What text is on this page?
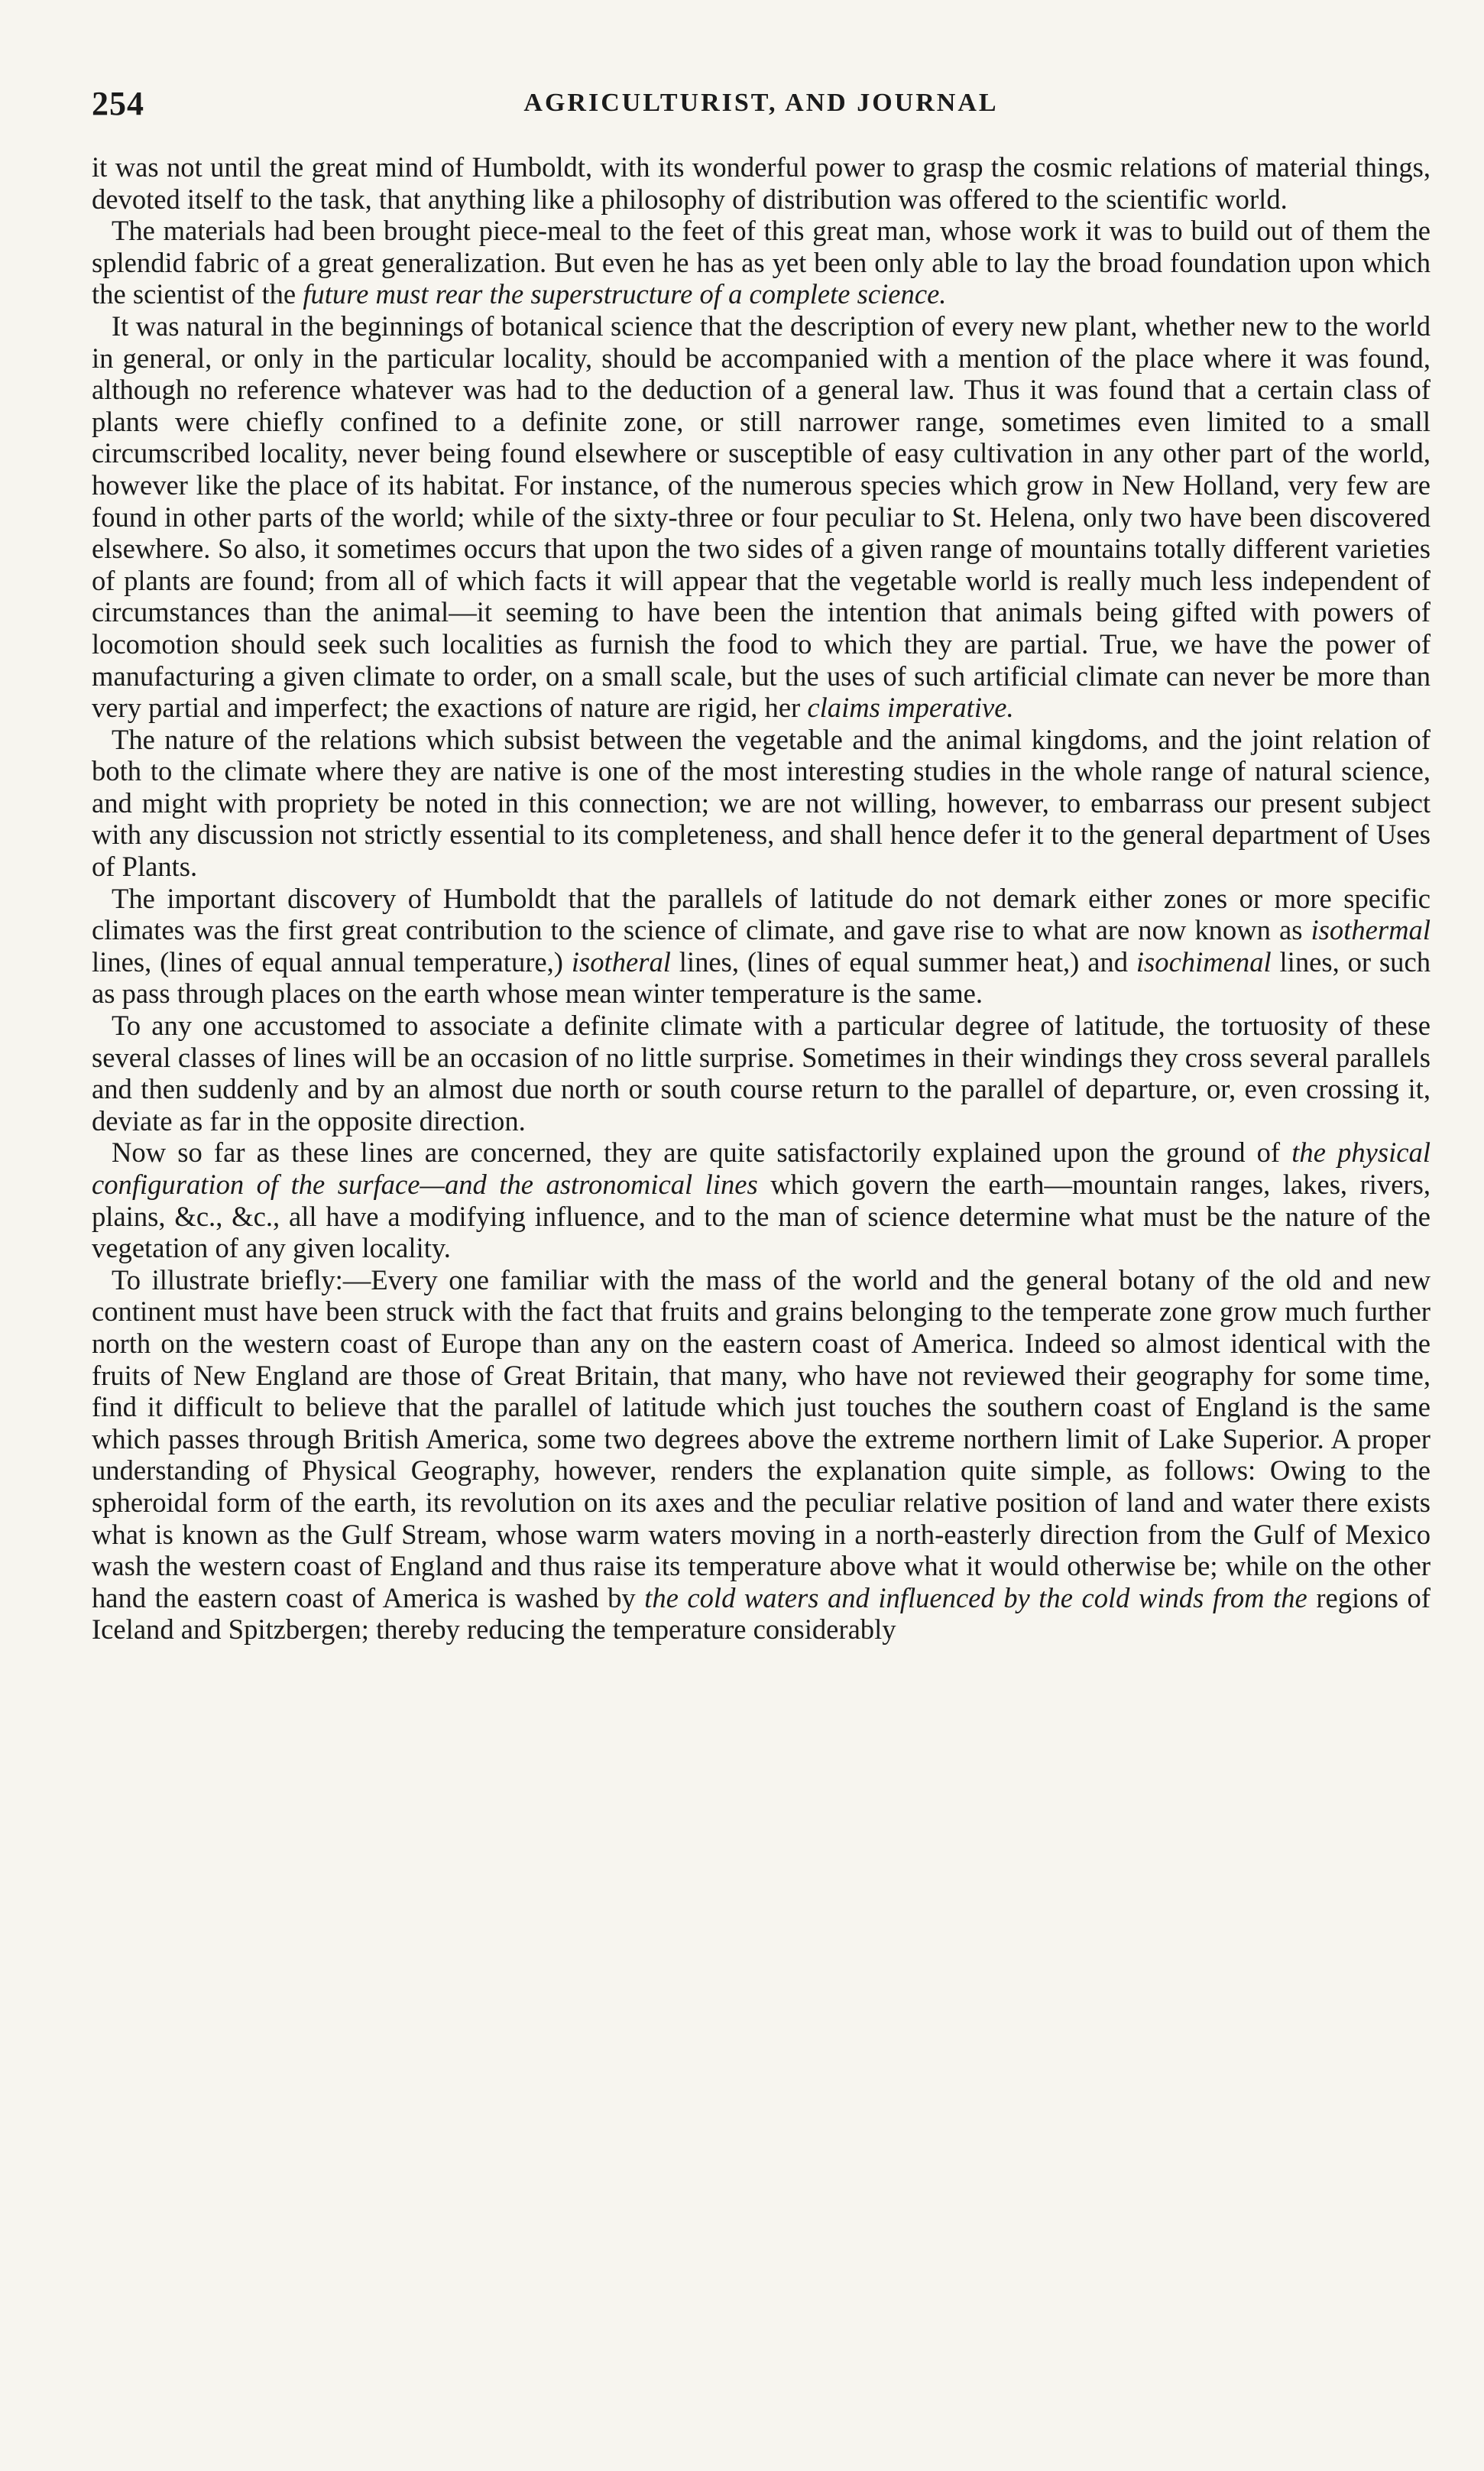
254	AGRICULTURIST, AND JOURNAL

it was not until the great mind of Humboldt, with its wonderful power to grasp the cosmic relations of material things, devoted itself to the task, that anything like a philosophy of distribution was offered to the scientific world.

The materials had been brought piece-meal to the feet of this great man, whose work it was to build out of them the splendid fabric of a great generalization. But even he has as yet been only able to lay the broad foundation upon which the scientist of the future must rear the superstructure of a complete science.

It was natural in the beginnings of botanical science that the description of every new plant, whether new to the world in general, or only in the particular locality, should be accompanied with a mention of the place where it was found, although no reference whatever was had to the deduction of a general law. Thus it was found that a certain class of plants were chiefly confined to a definite zone, or still narrower range, sometimes even limited to a small circumscribed locality, never being found elsewhere or susceptible of easy cultivation in any other part of the world, however like the place of its habitat. For instance, of the numerous species which grow in New Holland, very few are found in other parts of the world; while of the sixty-three or four peculiar to St. Helena, only two have been discovered elsewhere. So also, it sometimes occurs that upon the two sides of a given range of mountains totally different varieties of plants are found; from all of which facts it will appear that the vegetable world is really much less independent of circumstances than the animal—it seeming to have been the intention that animals being gifted with powers of locomotion should seek such localities as furnish the food to which they are partial. True, we have the power of manufacturing a given climate to order, on a small scale, but the uses of such artificial climate can never be more than very partial and imperfect; the exactions of nature are rigid, her claims imperative.

The nature of the relations which subsist between the vegetable and the animal kingdoms, and the joint relation of both to the climate where they are native is one of the most interesting studies in the whole range of natural science, and might with propriety be noted in this connection; we are not willing, however, to embarrass our present subject with any discussion not strictly essential to its completeness, and shall hence defer it to the general department of Uses of Plants.

The important discovery of Humboldt that the parallels of latitude do not demark either zones or more specific climates was the first great contribution to the science of climate, and gave rise to what are now known as isothermal lines, (lines of equal annual temperature,) isotheral lines, (lines of equal summer heat,) and isochimenal lines, or such as pass through places on the earth whose mean winter temperature is the same.

To any one accustomed to associate a definite climate with a particular degree of latitude, the tortuosity of these several classes of lines will be an occasion of no little surprise. Sometimes in their windings they cross several parallels and then suddenly and by an almost due north or south course return to the parallel of departure, or, even crossing it, deviate as far in the opposite direction.

Now so far as these lines are concerned, they are quite satisfactorily explained upon the ground of the physical configuration of the surface—and the astronomical lines which govern the earth—mountain ranges, lakes, rivers, plains, &c., &c., all have a modifying influence, and to the man of science determine what must be the nature of the vegetation of any given locality.

To illustrate briefly:—Every one familiar with the mass of the world and the general botany of the old and new continent must have been struck with the fact that fruits and grains belonging to the temperate zone grow much further north on the western coast of Europe than any on the eastern coast of America. Indeed so almost identical with the fruits of New England are those of Great Britain, that many, who have not reviewed their geography for some time, find it difficult to believe that the parallel of latitude which just touches the southern coast of England is the same which passes through British America, some two degrees above the extreme northern limit of Lake Superior. A proper understanding of Physical Geography, however, renders the explanation quite simple, as follows: Owing to the spheroidal form of the earth, its revolution on its axes and the peculiar relative position of land and water there exists what is known as the Gulf Stream, whose warm waters moving in a north-easterly direction from the Gulf of Mexico wash the western coast of England and thus raise its temperature above what it would otherwise be; while on the other hand the eastern coast of America is washed by the cold waters and influenced by the cold winds from the regions of Iceland and Spitzbergen; thereby reducing the temperature considerably
